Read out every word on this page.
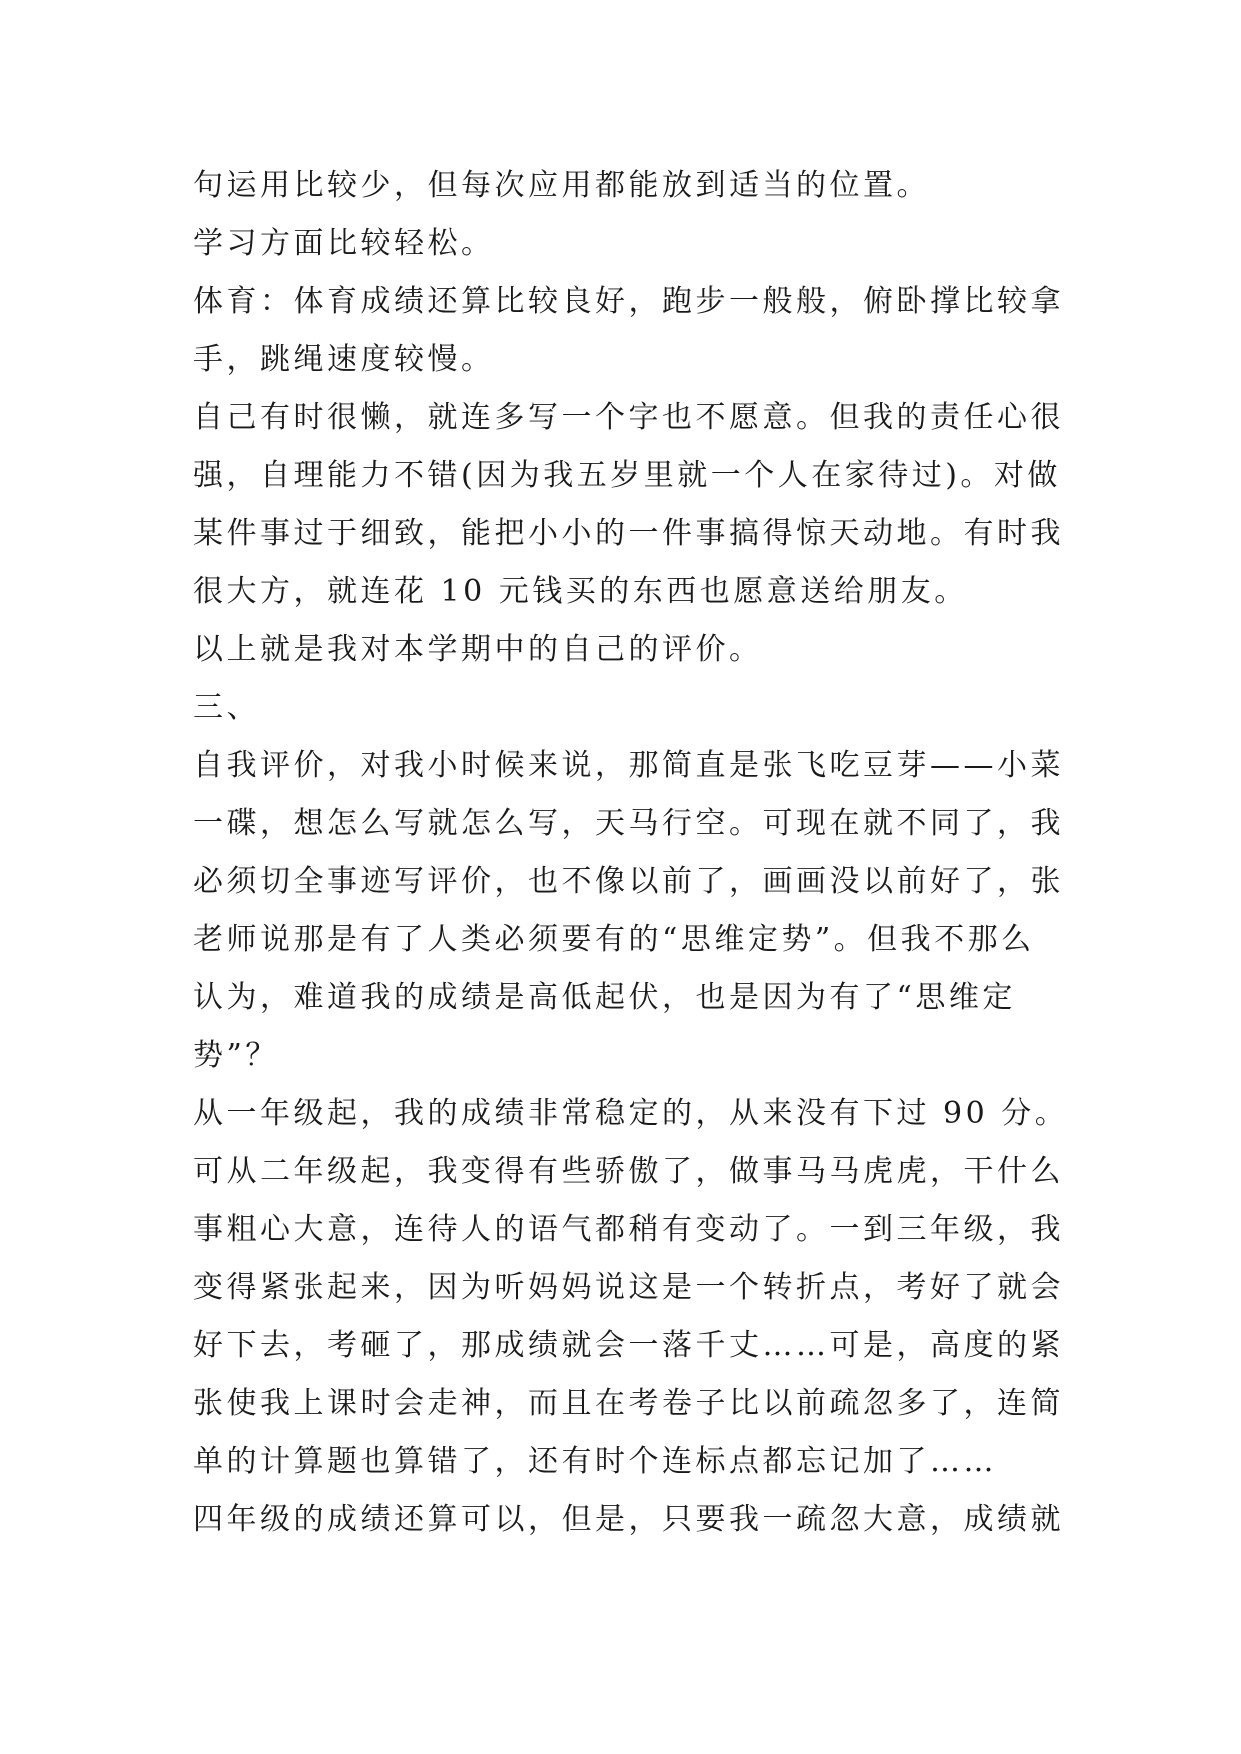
句运用比较少，但每次应用都能放到适当的位置。
学习方面比较轻松。
体育：体育成绩还算比较良好，跑步一般般，俯卧撑比较拿
手，跳绳速度较慢。
自己有时很懒，就连多写一个字也不愿意。但我的责任心很
强，自理能力不错(因为我五岁里就一个人在家待过)。对做
某件事过于细致，能把小小的一件事搞得惊天动地。有时我
很大方，就连花 10 元钱买的东西也愿意送给朋友。
以上就是我对本学期中的自己的评价。
三、
自我评价，对我小时候来说，那简直是张飞吃豆芽——小菜
一碟，想怎么写就怎么写，天马行空。可现在就不同了，我
必须切全事迹写评价，也不像以前了，画画没以前好了，张
老师说那是有了人类必须要有的“思维定势”。但我不那么
认为，难道我的成绩是高低起伏，也是因为有了“思维定
势”？
从一年级起，我的成绩非常稳定的，从来没有下过 90 分。
可从二年级起，我变得有些骄傲了，做事马马虎虎，干什么
事粗心大意，连待人的语气都稍有变动了。一到三年级，我
变得紧张起来，因为听妈妈说这是一个转折点，考好了就会
好下去，考砸了，那成绩就会一落千丈……可是，高度的紧
张使我上课时会走神，而且在考卷子比以前疏忽多了，连简
单的计算题也算错了，还有时个连标点都忘记加了……
四年级的成绩还算可以，但是，只要我一疏忽大意，成绩就
